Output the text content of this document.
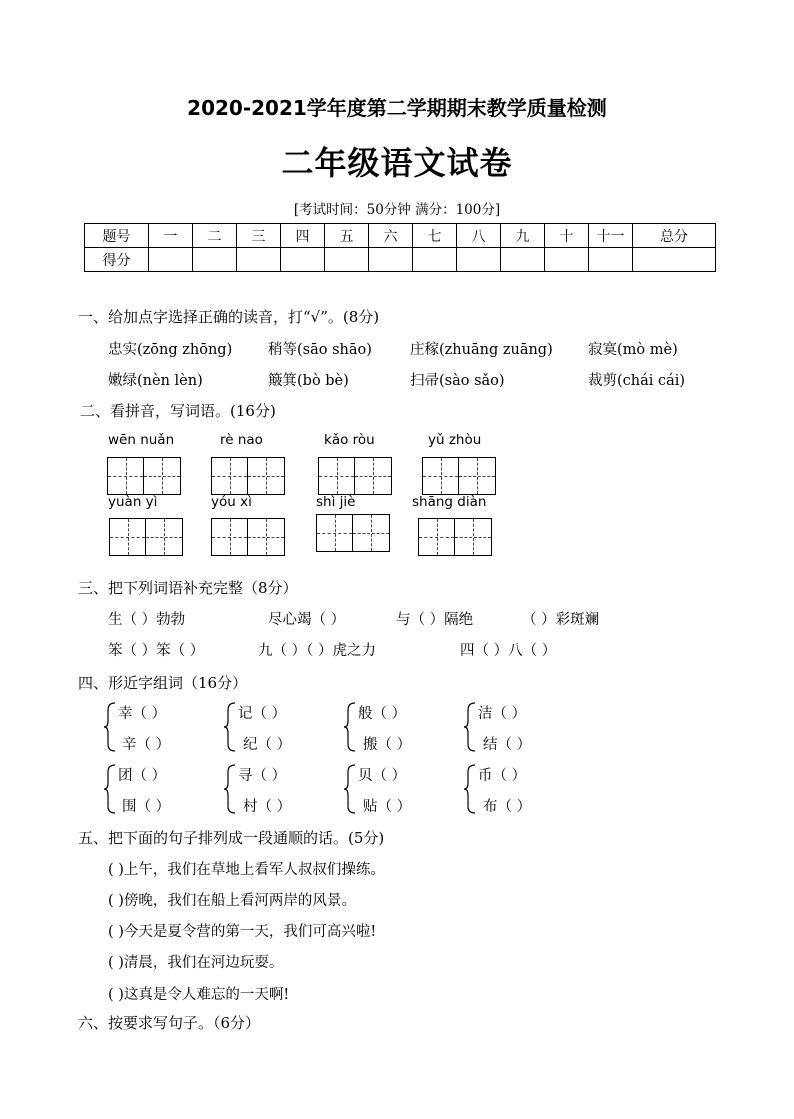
2020-2021学年度第二学期期末教学质量检测
二年级语文试卷
[考试时间：50分钟 满分：100分]
题号	一	二	三	四	五	六	七	八	九	十	十一	总分
得分												
一、给加点字选择正确的读音，打“√”。(8分)
忠实(zōng zhōng) 稍等(sāo shāo)	庄稼(zhuāng zuāng) 寂寞(mò mè)
嫩绿(nèn lèn)	簸箕(bò bè)	扫帚(sào sǎo)	裁剪(chái cái)
二、看拼音，写词语。(16分)
wēn nuǎn	rè nao	kǎo ròu	yǔ zhòu
yuàn yì	yóu xì	shì jiè	shāng diàn
三、把下列词语补充完整（8分）
生（ ）勃勃	尽心竭（ ）	与（ ）隔绝	（ ）彩斑斓
笨（ ）笨（ ）	九（ ）（ ）虎之力	四（ ）八（ ）
四、形近字组词（16分）
幸（ ）
辛（ ）
记（ ）
纪（ ）
般（ ）
搬（ ）
洁（ ）
结（ ）
团（ ）
围（ ）
寻（ ）
村（ ）
贝（ ）
贴（ ）
币（ ）
布（ ）
五、把下面的句子排列成一段通顺的话。(5分)
( )上午，我们在草地上看军人叔叔们操练。
( )傍晚，我们在船上看河两岸的风景。
( )今天是夏令营的第一天，我们可高兴啦!
( )清晨，我们在河边玩耍。
( )这真是令人难忘的一天啊!
六、按要求写句子。（6分）
